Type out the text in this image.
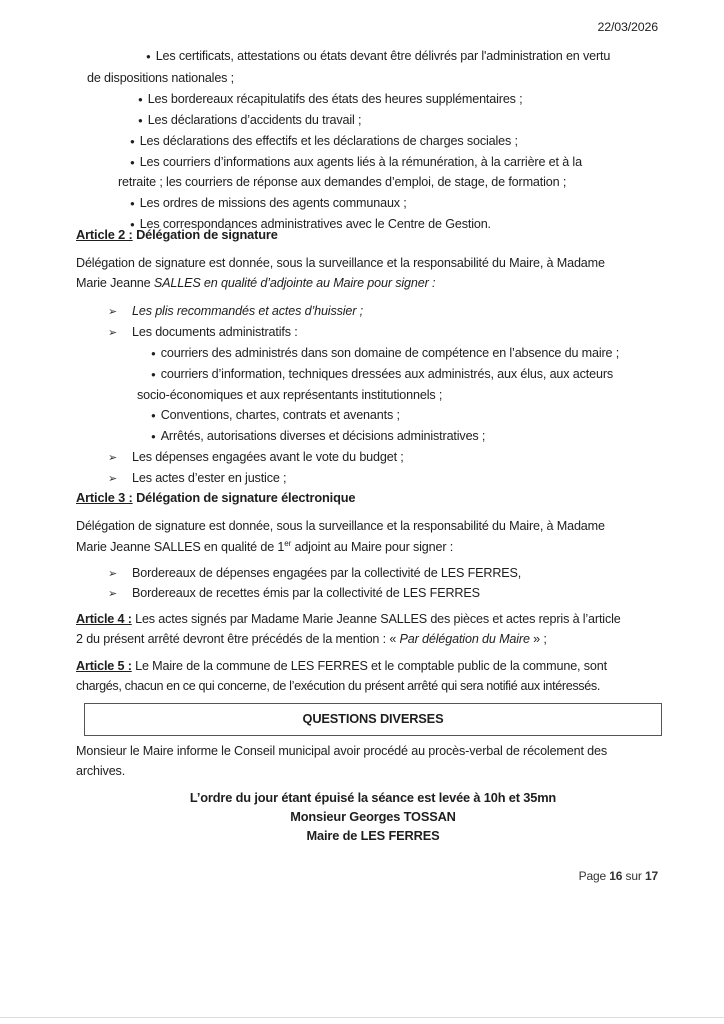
22/03/2026
● Les certificats, attestations ou états devant être délivrés par l'administration en vertu
de dispositions nationales ;
● Les bordereaux récapitulatifs des états des heures supplémentaires ;
● Les déclarations d’accidents du travail ;
● Les déclarations des effectifs et les déclarations de charges sociales ;
● Les courriers d’informations aux agents liés à la rémunération, à la carrière et à la
retraite ; les courriers de réponse aux demandes d’emploi, de stage, de formation ;
● Les ordres de missions des agents communaux ;
● Les correspondances administratives avec le Centre de Gestion.
Article 2 : Délégation de signature
Délégation de signature est donnée, sous la surveillance et la responsabilité du Maire, à Madame
Marie Jeanne SALLES en qualité d’adjointe au Maire pour signer :
➢ Les plis recommandés et actes d’huissier ;
➢ Les documents administratifs :
● courriers des administrés dans son domaine de compétence en l’absence du maire ;
● courriers d’information, techniques dressées aux administrés, aux élus, aux acteurs
socio-économiques et aux représentants institutionnels ;
● Conventions, chartes, contrats et avenants ;
● Arrêtés, autorisations diverses et décisions administratives ;
➢ Les dépenses engagées avant le vote du budget ;
➢ Les actes d’ester en justice ;
Article 3 : Délégation de signature électronique
Délégation de signature est donnée, sous la surveillance et la responsabilité du Maire, à Madame
Marie Jeanne SALLES en qualité de 1er adjoint au Maire pour signer :
➢ Bordereaux de dépenses engagées par la collectivité de LES FERRES,
➢ Bordereaux de recettes émis par la collectivité de LES FERRES
Article 4 : Les actes signés par Madame Marie Jeanne SALLES des pièces et actes repris à l’article
2 du présent arrêté devront être précédés de la mention : « Par délégation du Maire » ;
Article 5 : Le Maire de la commune de LES FERRES et le comptable public de la commune, sont
chargés, chacun en ce qui concerne, de l’exécution du présent arrêté qui sera notifié aux intéressés.
QUESTIONS DIVERSES
Monsieur le Maire informe le Conseil municipal avoir procédé au procès-verbal de récolement des
archives.
L’ordre du jour étant épuisé la séance est levée à 10h et 35mn
Monsieur Georges TOSSAN
Maire de LES FERRES
Page 16 sur 17
